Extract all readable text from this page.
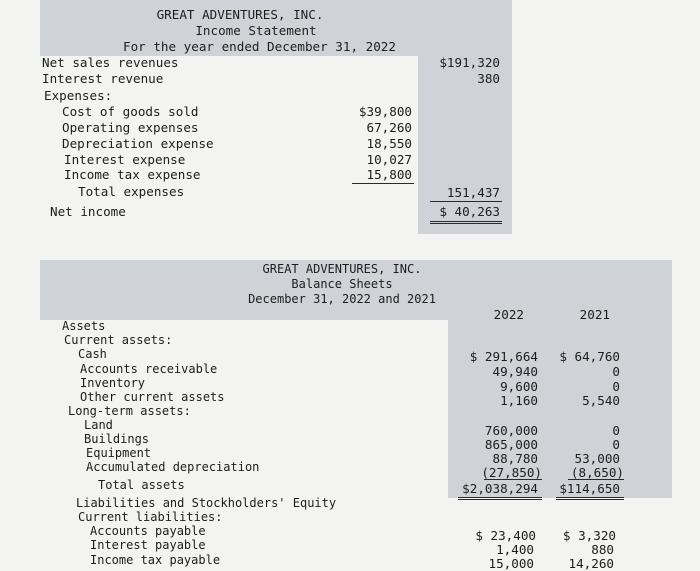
GREAT ADVENTURES, INC.
Income Statement
For the year ended December 31, 2022
Net sales revenues	$191,320
Interest revenue	380
Expenses:
Cost of goods sold	$39,800
Operating expenses	67,260
Depreciation expense	18,550
Interest expense	10,027
Income tax expense	15,800
Total expenses	151,437
Net income	$ 40,263
GREAT ADVENTURES, INC.
Balance Sheets
December 31, 2022 and 2021
2022	2021
Assets
Current assets:
Cash	$ 291,664	$ 64,760
Accounts receivable	49,940	0
Inventory	9,600	0
Other current assets	1,160	5,540
Long-term assets:
Land	760,000	0
Buildings	865,000	0
Equipment	88,780	53,000
Accumulated depreciation	(27,850)	(8,650)
Total assets	$2,038,294	$114,650
Liabilities and Stockholders' Equity
Current liabilities:
Accounts payable	$ 23,400	$ 3,320
Interest payable	1,400	880
Income tax payable	15,000	14,260
